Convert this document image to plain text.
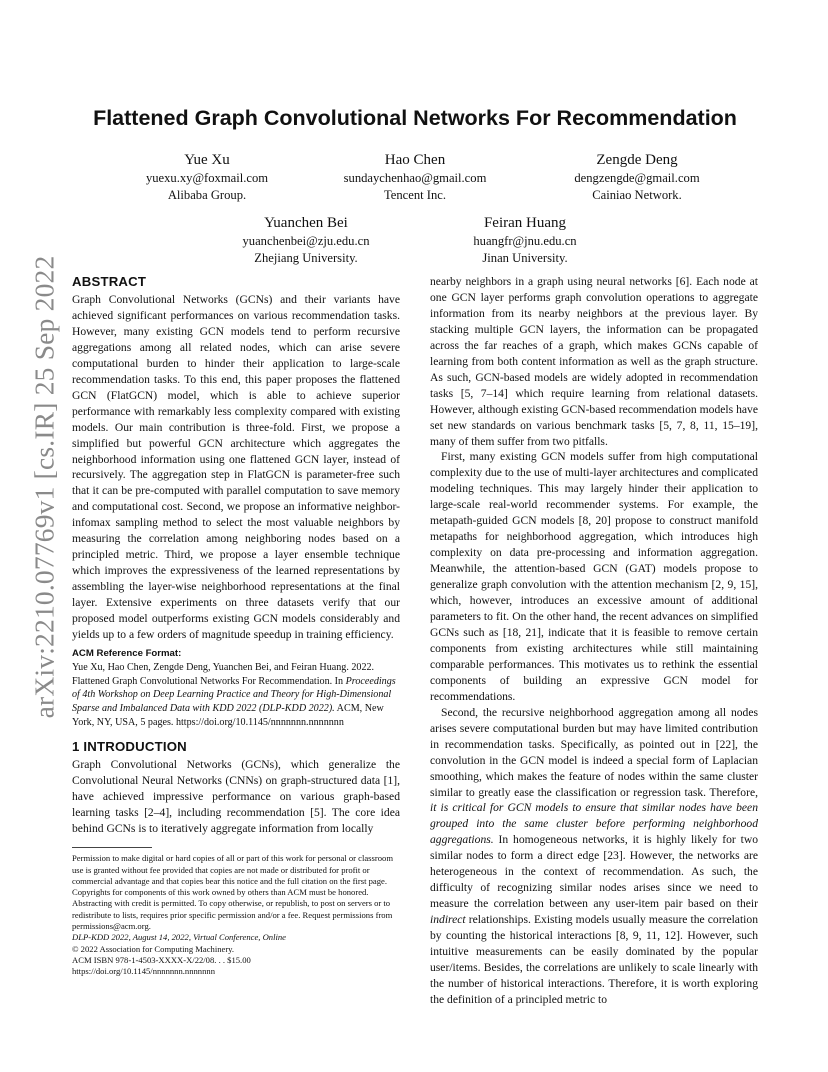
arXiv:2210.07769v1 [cs.IR] 25 Sep 2022
Flattened Graph Convolutional Networks For Recommendation
Yue Xu
yuexu.xy@foxmail.com
Alibaba Group.
Hao Chen
sundaychenhao@gmail.com
Tencent Inc.
Zengde Deng
dengzengde@gmail.com
Cainiao Network.
Yuanchen Bei
yuanchenbei@zju.edu.cn
Zhejiang University.
Feiran Huang
huangfr@jnu.edu.cn
Jinan University.
ABSTRACT

Graph Convolutional Networks (GCNs) and their variants have achieved significant performances on various recommendation tasks. However, many existing GCN models tend to perform recursive aggregations among all related nodes, which can arise severe computational burden to hinder their application to large-scale recommendation tasks. To this end, this paper proposes the flattened GCN (FlatGCN) model, which is able to achieve superior performance with remarkably less complexity compared with existing models. Our main contribution is three-fold. First, we propose a simplified but powerful GCN architecture which aggregates the neighborhood information using one flattened GCN layer, instead of recursively. The aggregation step in FlatGCN is parameter-free such that it can be pre-computed with parallel computation to save memory and computational cost. Second, we propose an informative neighbor-infomax sampling method to select the most valuable neighbors by measuring the correlation among neighboring nodes based on a principled metric. Third, we propose a layer ensemble technique which improves the expressiveness of the learned representations by assembling the layer-wise neighborhood representations at the final layer. Extensive experiments on three datasets verify that our proposed model outperforms existing GCN models considerably and yields up to a few orders of magnitude speedup in training efficiency.

ACM Reference Format:

Yue Xu, Hao Chen, Zengde Deng, Yuanchen Bei, and Feiran Huang. 2022. Flattened Graph Convolutional Networks For Recommendation. In Proceedings of 4th Workshop on Deep Learning Practice and Theory for High-Dimensional Sparse and Imbalanced Data with KDD 2022 (DLP-KDD 2022). ACM, New York, NY, USA, 5 pages. https://doi.org/10.1145/nnnnnnn.nnnnnnn

1 INTRODUCTION

Graph Convolutional Networks (GCNs), which generalize the Convolutional Neural Networks (CNNs) on graph-structured data [1], have achieved impressive performance on various graph-based learning tasks [2–4], including recommendation [5]. The core idea behind GCNs is to iteratively aggregate information from locally

Permission to make digital or hard copies of all or part of this work for personal or classroom use is granted without fee provided that copies are not made or distributed for profit or commercial advantage and that copies bear this notice and the full citation on the first page. Copyrights for components of this work owned by others than ACM must be honored. Abstracting with credit is permitted. To copy otherwise, or republish, to post on servers or to redistribute to lists, requires prior specific permission and/or a fee. Request permissions from permissions@acm.org.
DLP-KDD 2022, August 14, 2022, Virtual Conference, Online
© 2022 Association for Computing Machinery.
ACM ISBN 978-1-4503-XXXX-X/22/08. . . $15.00
https://doi.org/10.1145/nnnnnnn.nnnnnnn

nearby neighbors in a graph using neural networks [6]. Each node at one GCN layer performs graph convolution operations to aggregate information from its nearby neighbors at the previous layer. By stacking multiple GCN layers, the information can be propagated across the far reaches of a graph, which makes GCNs capable of learning from both content information as well as the graph structure. As such, GCN-based models are widely adopted in recommendation tasks [5, 7–14] which require learning from relational datasets. However, although existing GCN-based recommendation models have set new standards on various benchmark tasks [5, 7, 8, 11, 15–19], many of them suffer from two pitfalls.

First, many existing GCN models suffer from high computational complexity due to the use of multi-layer architectures and complicated modeling techniques. This may largely hinder their application to large-scale real-world recommender systems. For example, the metapath-guided GCN models [8, 20] propose to construct manifold metapaths for neighborhood aggregation, which introduces high complexity on data pre-processing and information aggregation. Meanwhile, the attention-based GCN (GAT) models propose to generalize graph convolution with the attention mechanism [2, 9, 15], which, however, introduces an excessive amount of additional parameters to fit. On the other hand, the recent advances on simplified GCNs such as [18, 21], indicate that it is feasible to remove certain components from existing architectures while still maintaining comparable performances. This motivates us to rethink the essential components of building an expressive GCN model for recommendations.

Second, the recursive neighborhood aggregation among all nodes arises severe computational burden but may have limited contribution in recommendation tasks. Specifically, as pointed out in [22], the convolution in the GCN model is indeed a special form of Laplacian smoothing, which makes the feature of nodes within the same cluster similar to greatly ease the classification or regression task. Therefore, it is critical for GCN models to ensure that similar nodes have been grouped into the same cluster before performing neighborhood aggregations. In homogeneous networks, it is highly likely for two similar nodes to form a direct edge [23]. However, the networks are heterogeneous in the context of recommendation. As such, the difficulty of recognizing similar nodes arises since we need to measure the correlation between any user-item pair based on their indirect relationships. Existing models usually measure the correlation by counting the historical interactions [8, 9, 11, 12]. However, such intuitive measurements can be easily dominated by the popular user/items. Besides, the correlations are unlikely to scale linearly with the number of historical interactions. Therefore, it is worth exploring the definition of a principled metric to
